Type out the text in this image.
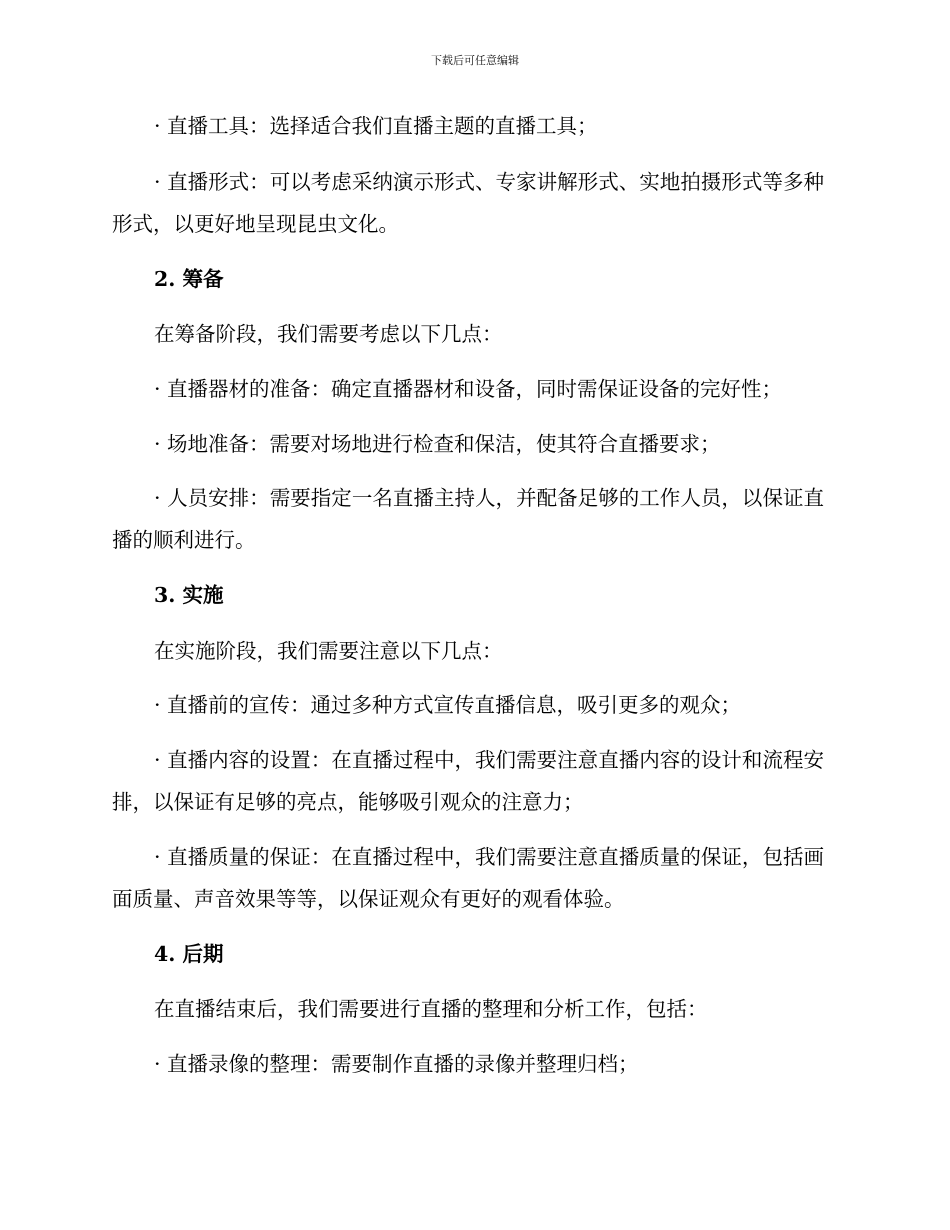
下载后可任意编辑
· 直播工具：选择适合我们直播主题的直播工具；
· 直播形式：可以考虑采纳演示形式、专家讲解形式、实地拍摄形式等多种形式，以更好地呈现昆虫文化。
2. 筹备
在筹备阶段，我们需要考虑以下几点：
· 直播器材的准备：确定直播器材和设备，同时需保证设备的完好性；
· 场地准备：需要对场地进行检查和保洁，使其符合直播要求；
· 人员安排：需要指定一名直播主持人，并配备足够的工作人员，以保证直播的顺利进行。
3. 实施
在实施阶段，我们需要注意以下几点：
· 直播前的宣传：通过多种方式宣传直播信息，吸引更多的观众；
· 直播内容的设置：在直播过程中，我们需要注意直播内容的设计和流程安排，以保证有足够的亮点，能够吸引观众的注意力；
· 直播质量的保证：在直播过程中，我们需要注意直播质量的保证，包括画面质量、声音效果等等，以保证观众有更好的观看体验。
4. 后期
在直播结束后，我们需要进行直播的整理和分析工作，包括：
· 直播录像的整理：需要制作直播的录像并整理归档；
